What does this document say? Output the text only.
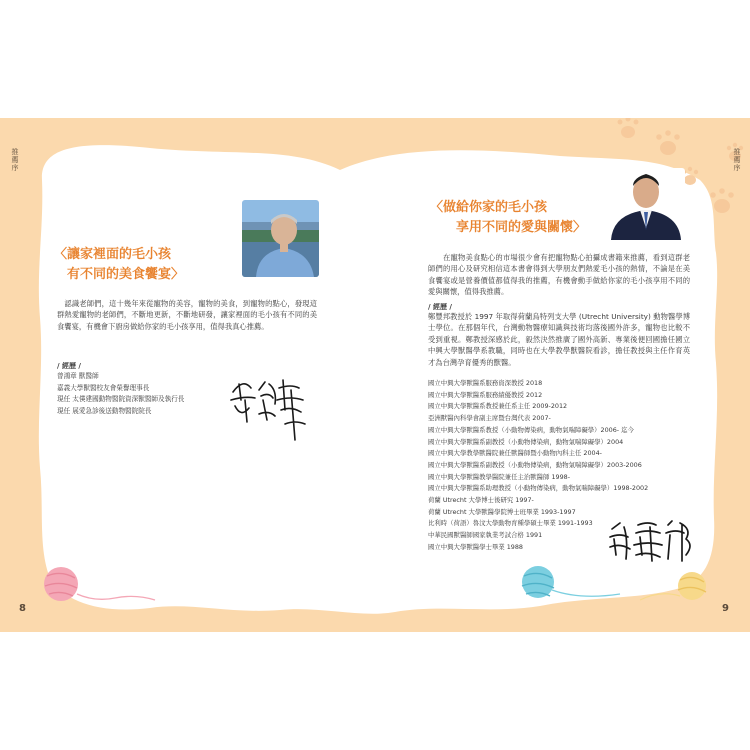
推薦序	推薦序
8	9
〈讓家裡面的毛小孩
　有不同的美食饗宴〉
　認識老師們，這十幾年來從寵物的美容，寵物的美食，到寵物的點心，發現這群熱愛寵物的老師們，不斷地更新，不斷地研發，讓家裡面的毛小孩有不同的美食饗宴，有機會下廚房做給你家的毛小孩享用，值得我真心推薦。
/ 經歷 /
曾鴻章 獸醫師
嘉義大學獸醫校友會榮譽理事長
現任 太僕建國動物醫院資深獸醫師及執行長
現任 展愛急診後送動物醫院院長
〈做給你家的毛小孩
　　享用不同的愛與關懷〉
　　在寵物美食點心的市場很少會有把寵物點心拍攝成書籍來推薦，看到這群老師們的用心及研究相信這本書會得到大學朋友們熱愛毛小孩的熱情，不論是在美食饗宴或是營養價值都值得我的推薦，有機會動手做給你家的毛小孩享用不同的愛與關懷，值得我推薦。
/ 經歷 /
鄭豐邦教授於 1997 年取得荷蘭烏特列支大學 (Utrecht University) 動物醫學博士學位。在那個年代，台灣動物醫療知識與技術均落後國外許多，寵物也比較不受到重視。鄭教授深感於此，毅然決然推廣了國外高新、專業後便回國擔任國立中興大學獸醫學系教職，同時也在大學教學獸醫院看診，擔任教授與主任作育英才為台灣孕育優秀的獸醫。
國立中興大學獸醫系服務資深教授 2018
國立中興大學獸醫系服務績優教授 2012
國立中興大學獸醫系教授兼任系主任 2009-2012
亞洲獸醫內科學會副主席暨台灣代表 2007-
國立中興大學獸醫系教授（小動物傳染病，動物氣喘障礙學）2006- 迄今
國立中興大學獸醫系副教授（小動物傳染病，動物氣喘障礙學）2004
國立中興大學教學獸醫院兼任獸醫師暨小動物內科主任 2004-
國立中興大學獸醫系副教授（小動物傳染病，動物氣喘障礙學）2003-2006
國立中興大學獸醫教學醫院兼任主治獸醫師 1998-
國立中興大學獸醫系助理教授（小動物傳染病，動物氣喘障礙學）1998-2002
荷蘭 Utrecht 大學博士後研究 1997-
荷蘭 Utrecht 大學獸醫學院博士班畢業 1993-1997
比利時（荷語）魯汶大學動物育種學碩士畢業 1991-1993
中華民國獸醫師國家執業考試合格 1991
國立中興大學獸醫學士畢業 1988
